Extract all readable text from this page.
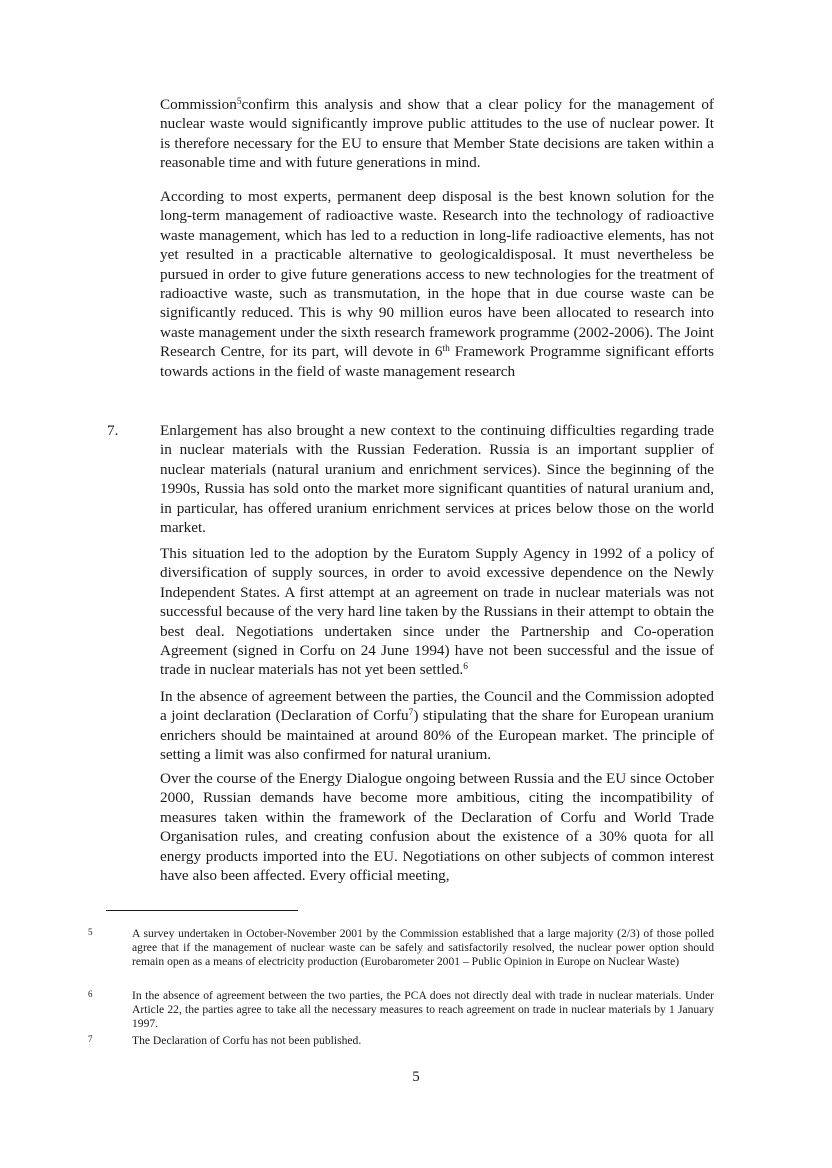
Commission$^5$confirm this analysis and show that a clear policy for the management of nuclear waste would significantly improve public attitudes to the use of nuclear power. It is therefore necessary for the EU to ensure that Member State decisions are taken within a reasonable time and with future generations in mind.

According to most experts, permanent deep disposal is the best known solution for the long-term management of radioactive waste. Research into the technology of radioactive waste management, which has led to a reduction in long-life radioactive elements, has not yet resulted in a practicable alternative to geologicaldisposal. It must nevertheless be pursued in order to give future generations access to new technologies for the treatment of radioactive waste, such as transmutation, in the hope that in due course waste can be significantly reduced. This is why 90 million euros have been allocated to research into waste management under the sixth research framework programme (2002-2006). The Joint Research Centre, for its part, will devote in 6th Framework Programme significant efforts towards actions in the field of waste management research

7.	Enlargement has also brought a new context to the continuing difficulties regarding trade in nuclear materials with the Russian Federation. Russia is an important supplier of nuclear materials (natural uranium and enrichment services). Since the beginning of the 1990s, Russia has sold onto the market more significant quantities of natural uranium and, in particular, has offered uranium enrichment services at prices below those on the world market.

This situation led to the adoption by the Euratom Supply Agency in 1992 of a policy of diversification of supply sources, in order to avoid excessive dependence on the Newly Independent States. A first attempt at an agreement on trade in nuclear materials was not successful because of the very hard line taken by the Russians in their attempt to obtain the best deal. Negotiations undertaken since under the Partnership and Co-operation Agreement (signed in Corfu on 24 June 1994) have not been successful and the issue of trade in nuclear materials has not yet been settled.$^6$

In the absence of agreement between the parties, the Council and the Commission adopted a joint declaration (Declaration of Corfu$^7$) stipulating that the share for European uranium enrichers should be maintained at around 80% of the European market. The principle of setting a limit was also confirmed for natural uranium.

Over the course of the Energy Dialogue ongoing between Russia and the EU since October 2000, Russian demands have become more ambitious, citing the incompatibility of measures taken within the framework of the Declaration of Corfu and World Trade Organisation rules, and creating confusion about the existence of a 30% quota for all energy products imported into the EU. Negotiations on other subjects of common interest have also been affected. Every official meeting,

5	A survey undertaken in October-November 2001 by the Commission established that a large majority (2/3) of those polled agree that if the management of nuclear waste can be safely and satisfactorily resolved, the nuclear power option should remain open as a means of electricity production (Eurobarometer 2001 – Public Opinion in Europe on Nuclear Waste)

6	In the absence of agreement between the two parties, the PCA does not directly deal with trade in nuclear materials. Under Article 22, the parties agree to take all the necessary measures to reach agreement on trade in nuclear materials by 1 January 1997.

7	The Declaration of Corfu has not been published.

5
